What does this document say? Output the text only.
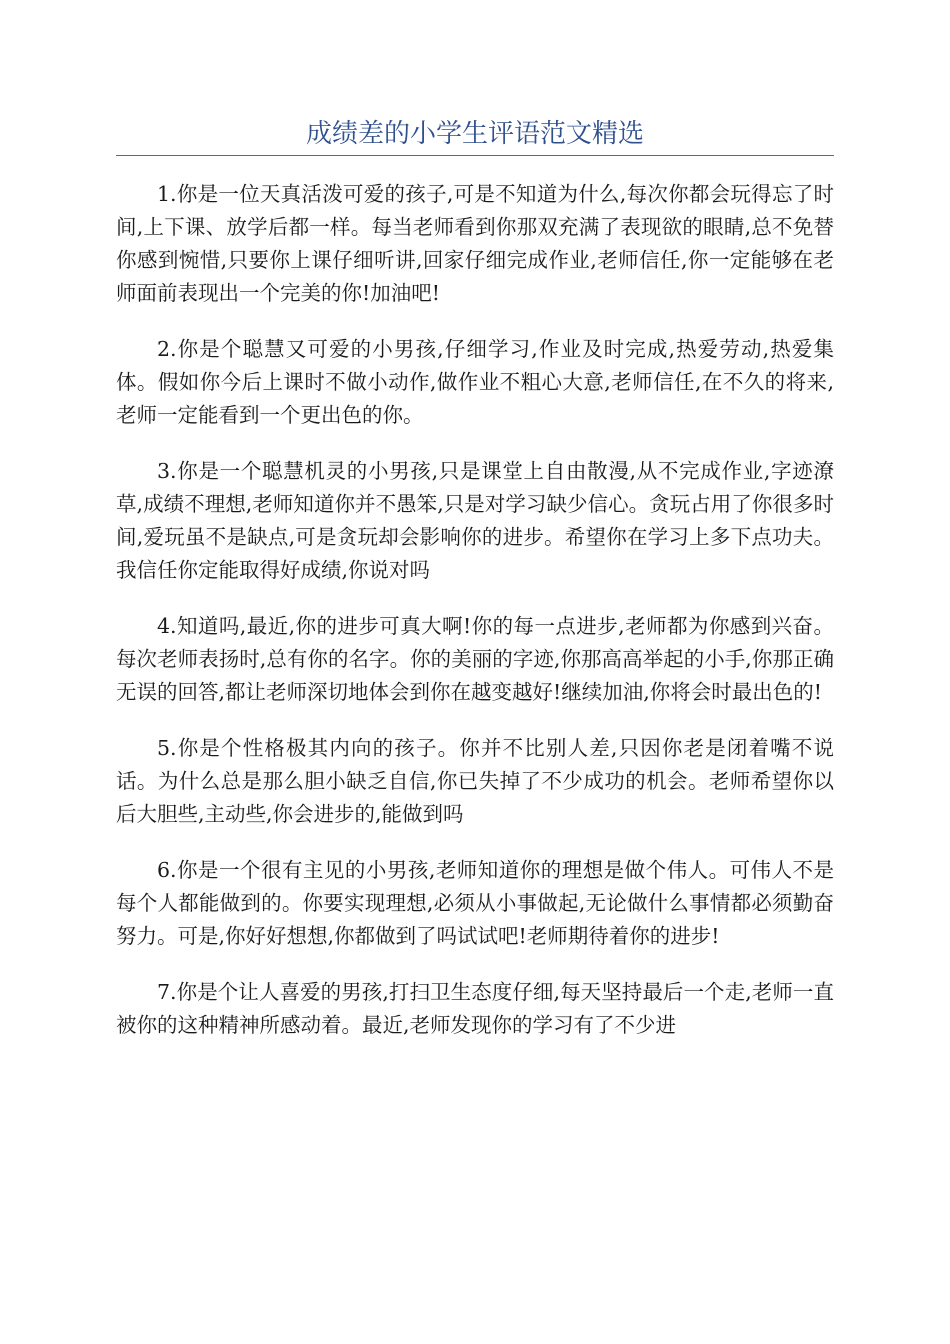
成绩差的小学生评语范文精选

1.你是一位天真活泼可爱的孩子,可是不知道为什么,每次你都会玩得忘了时间,上下课、放学后都一样。每当老师看到你那双充满了表现欲的眼睛,总不免替你感到惋惜,只要你上课仔细听讲,回家仔细完成作业,老师信任,你一定能够在老师面前表现出一个完美的你!加油吧!

2.你是个聪慧又可爱的小男孩,仔细学习,作业及时完成,热爱劳动,热爱集体。假如你今后上课时不做小动作,做作业不粗心大意,老师信任,在不久的将来,老师一定能看到一个更出色的你。

3.你是一个聪慧机灵的小男孩,只是课堂上自由散漫,从不完成作业,字迹潦草,成绩不理想,老师知道你并不愚笨,只是对学习缺少信心。贪玩占用了你很多时间,爱玩虽不是缺点,可是贪玩却会影响你的进步。希望你在学习上多下点功夫。我信任你定能取得好成绩,你说对吗

4.知道吗,最近,你的进步可真大啊!你的每一点进步,老师都为你感到兴奋。每次老师表扬时,总有你的名字。你的美丽的字迹,你那高高举起的小手,你那正确无误的回答,都让老师深切地体会到你在越变越好!继续加油,你将会时最出色的!

5.你是个性格极其内向的孩子。你并不比别人差,只因你老是闭着嘴不说话。为什么总是那么胆小缺乏自信,你已失掉了不少成功的机会。老师希望你以后大胆些,主动些,你会进步的,能做到吗

6.你是一个很有主见的小男孩,老师知道你的理想是做个伟人。可伟人不是每个人都能做到的。你要实现理想,必须从小事做起,无论做什么事情都必须勤奋努力。可是,你好好想想,你都做到了吗试试吧!老师期待着你的进步!

7.你是个让人喜爱的男孩,打扫卫生态度仔细,每天坚持最后一个走,老师一直被你的这种精神所感动着。最近,老师发现你的学习有了不少进
